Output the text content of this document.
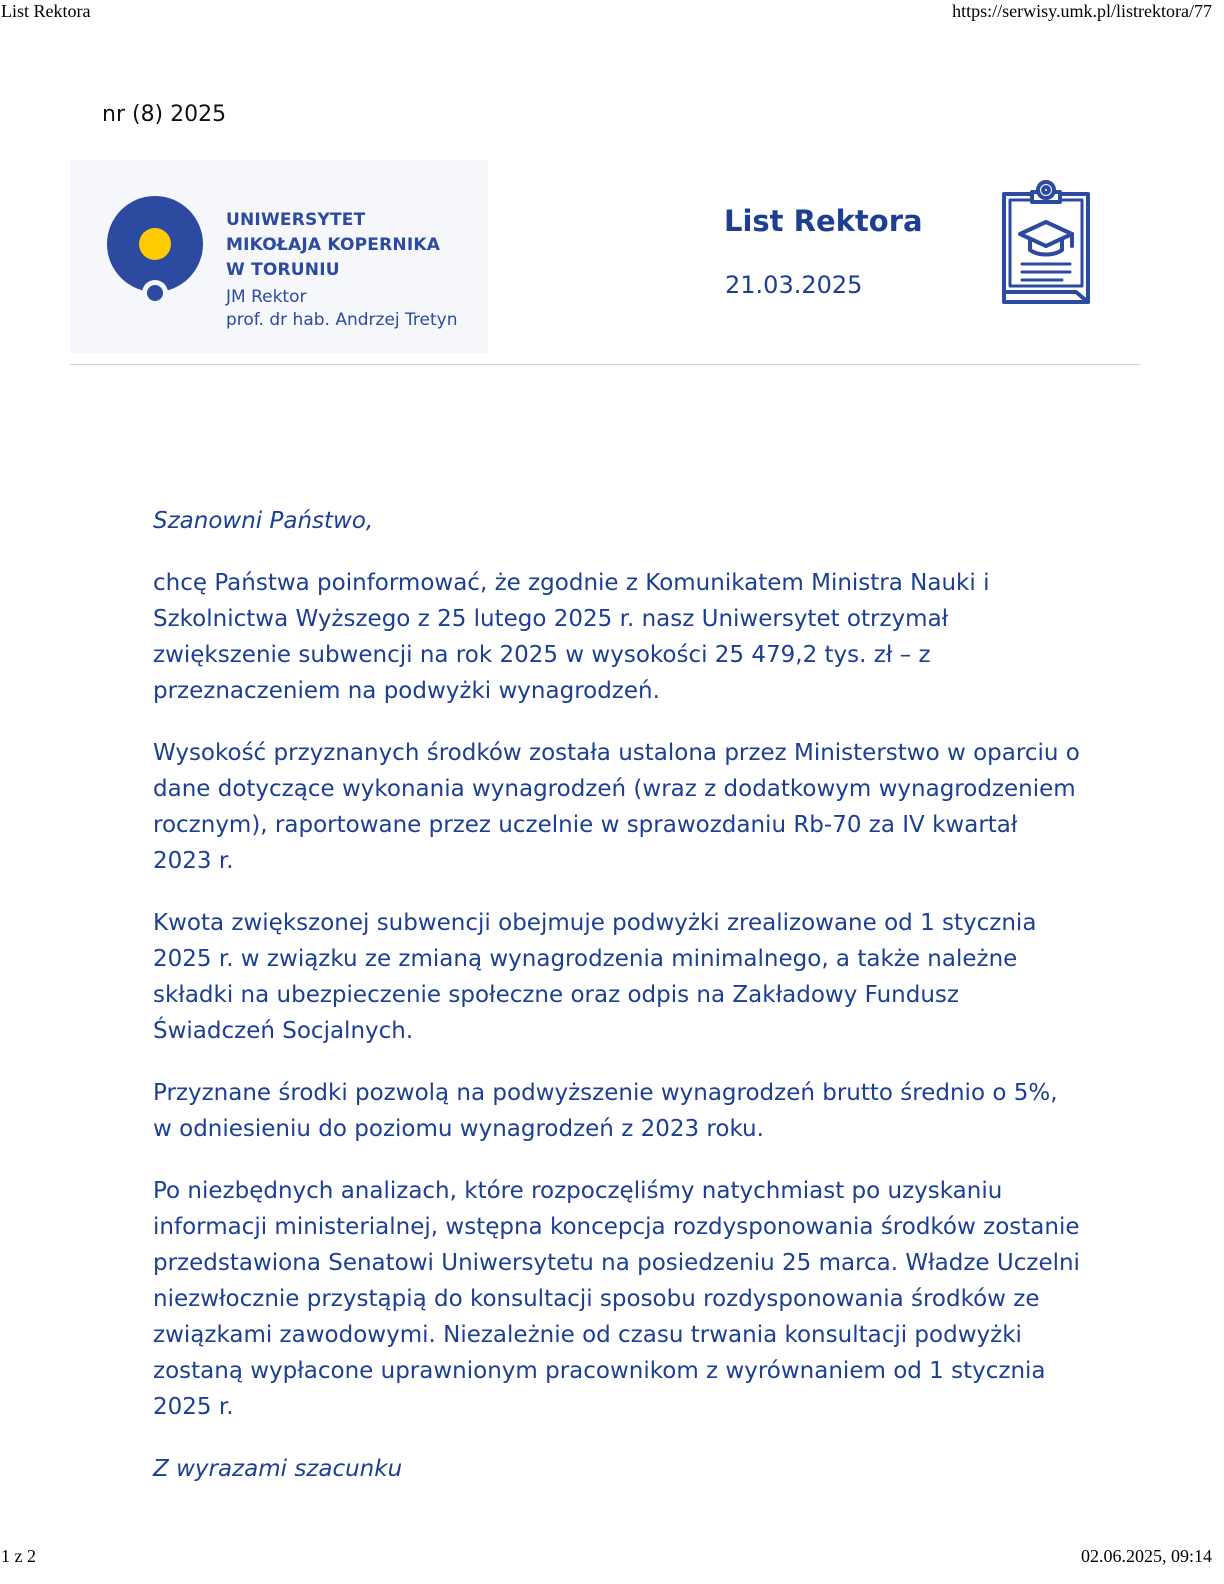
List Rektora	https://serwisy.umk.pl/listrektora/77
nr (8) 2025
UNIWERSYTET
MIKOŁAJA KOPERNIKA
W TORUNIU
JM Rektor
prof. dr hab. Andrzej Tretyn
List Rektora
21.03.2025

Szanowni Państwo,

chcę Państwa poinformować, że zgodnie z Komunikatem Ministra Nauki i Szkolnictwa Wyższego z 25 lutego 2025 r. nasz Uniwersytet otrzymał zwiększenie subwencji na rok 2025 w wysokości 25 479,2 tys. zł – z przeznaczeniem na podwyżki wynagrodzeń.

Wysokość przyznanych środków została ustalona przez Ministerstwo w oparciu o dane dotyczące wykonania wynagrodzeń (wraz z dodatkowym wynagrodzeniem rocznym), raportowane przez uczelnie w sprawozdaniu Rb-70 za IV kwartał 2023 r.

Kwota zwiększonej subwencji obejmuje podwyżki zrealizowane od 1 stycznia 2025 r. w związku ze zmianą wynagrodzenia minimalnego, a także należne składki na ubezpieczenie społeczne oraz odpis na Zakładowy Fundusz Świadczeń Socjalnych.

Przyznane środki pozwolą na podwyższenie wynagrodzeń brutto średnio o 5%, w odniesieniu do poziomu wynagrodzeń z 2023 roku.

Po niezbędnych analizach, które rozpoczęliśmy natychmiast po uzyskaniu informacji ministerialnej, wstępna koncepcja rozdysponowania środków zostanie przedstawiona Senatowi Uniwersytetu na posiedzeniu 25 marca. Władze Uczelni niezwłocznie przystąpią do konsultacji sposobu rozdysponowania środków ze związkami zawodowymi. Niezależnie od czasu trwania konsultacji podwyżki zostaną wypłacone uprawnionym pracownikom z wyrównaniem od 1 stycznia 2025 r.

Z wyrazami szacunku

1 z 2	02.06.2025, 09:14
